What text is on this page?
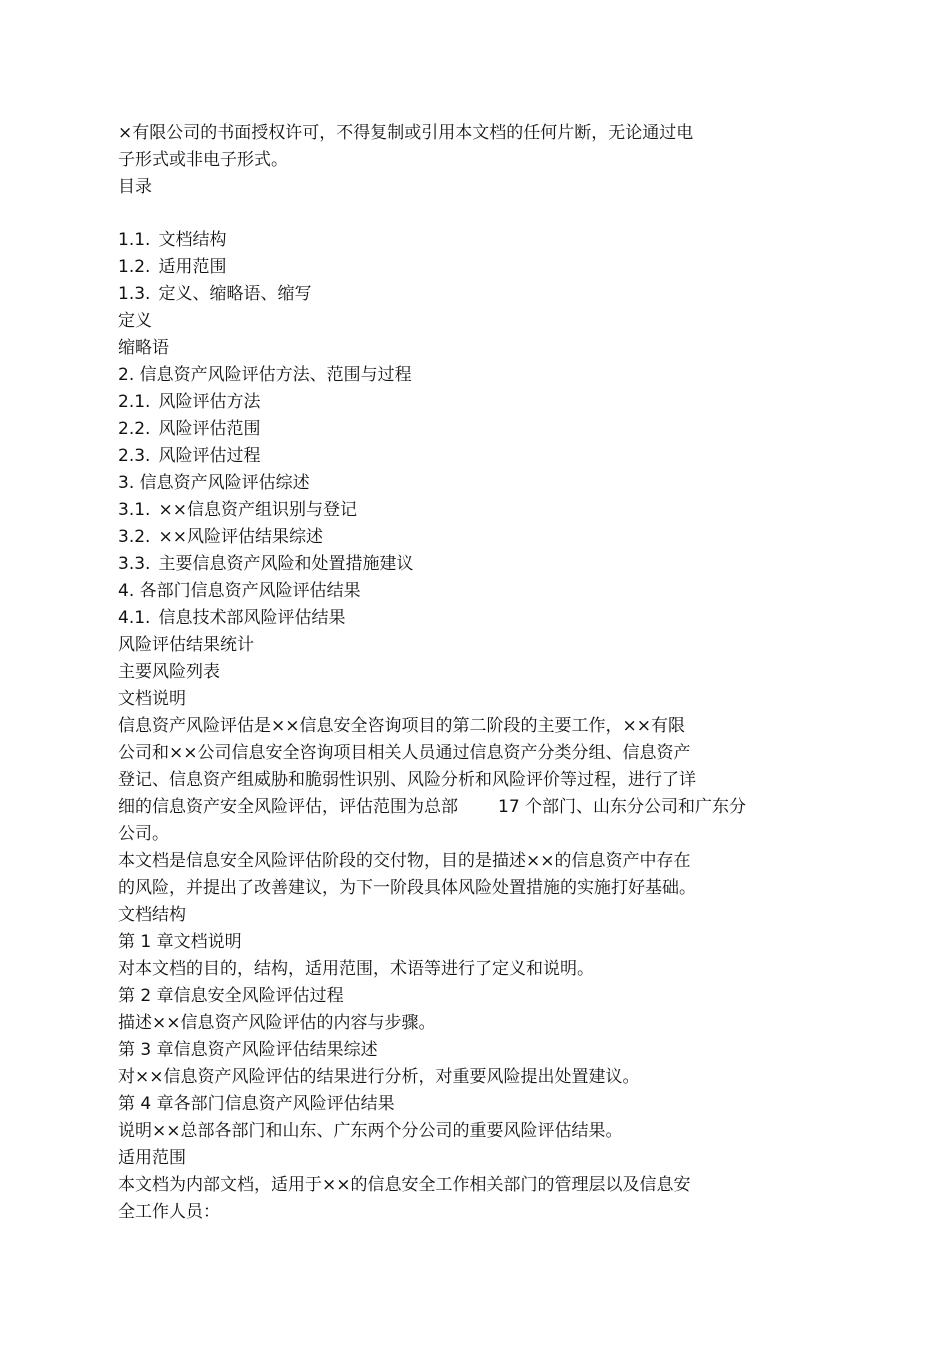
×有限公司的书面授权许可，不得复制或引用本文档的任何片断，无论通过电
子形式或非电子形式。
目录
1.1. 文档结构
1.2. 适用范围
1.3. 定义、缩略语、缩写
定义
缩略语
2. 信息资产风险评估方法、范围与过程
2.1. 风险评估方法
2.2. 风险评估范围
2.3. 风险评估过程
3. 信息资产风险评估综述
3.1. ××信息资产组识别与登记
3.2. ××风险评估结果综述
3.3. 主要信息资产风险和处置措施建议
4. 各部门信息资产风险评估结果
4.1. 信息技术部风险评估结果
风险评估结果统计
主要风险列表
文档说明
信息资产风险评估是××信息安全咨询项目的第二阶段的主要工作，××有限
公司和××公司信息安全咨询项目相关人员通过信息资产分类分组、信息资产
登记、信息资产组威胁和脆弱性识别、风险分析和风险评价等过程，进行了详
细的信息资产安全风险评估，评估范围为总部 17 个部门、山东分公司和广东分
公司。
本文档是信息安全风险评估阶段的交付物，目的是描述××的信息资产中存在
的风险，并提出了改善建议，为下一阶段具体风险处置措施的实施打好基础。
文档结构
第 1 章文档说明
对本文档的目的，结构，适用范围，术语等进行了定义和说明。
第 2 章信息安全风险评估过程
描述××信息资产风险评估的内容与步骤。
第 3 章信息资产风险评估结果综述
对××信息资产风险评估的结果进行分析，对重要风险提出处置建议。
第 4 章各部门信息资产风险评估结果
说明××总部各部门和山东、广东两个分公司的重要风险评估结果。
适用范围
本文档为内部文档，适用于××的信息安全工作相关部门的管理层以及信息安
全工作人员：
